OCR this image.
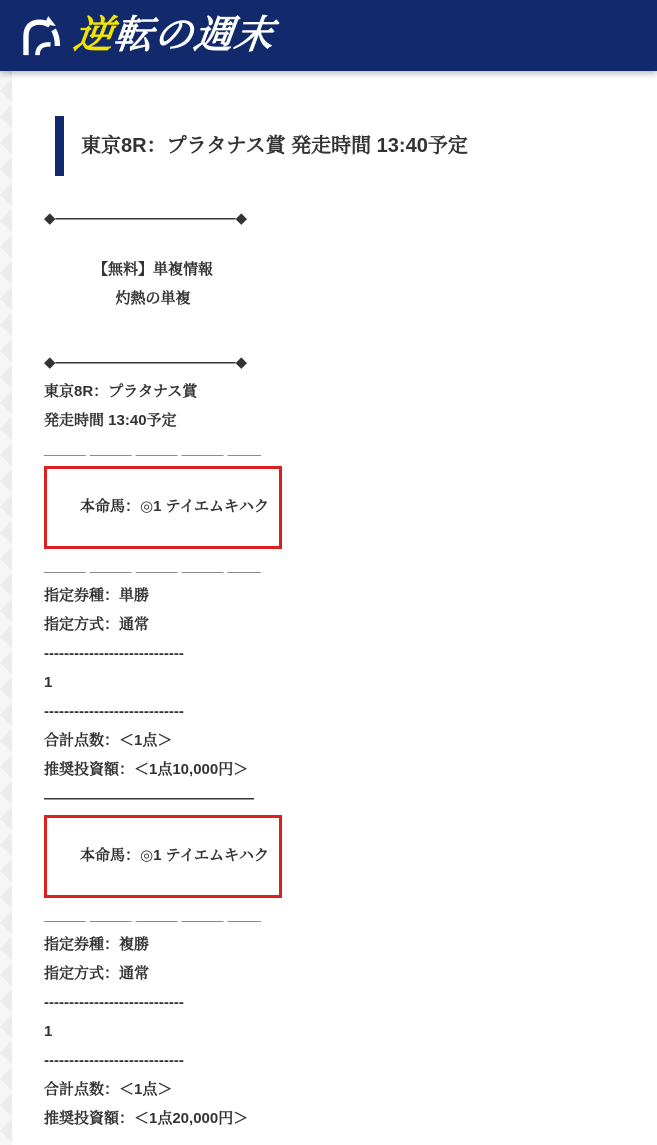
逆転の週末
東京8R：プラタナス賞 発走時間 13:40予定

◆————————————◆

【無料】単複情報

灼熱の単複

◆————————————◆

東京8R：プラタナス賞

発走時間 13:40予定

_____ _____ _____ _____ ____

本命馬：◎1 テイエムキハク

_____ _____ _____ _____ ____

指定券種：単勝

指定方式：通常

----------------------------

1

----------------------------

合計点数：＜1点＞

推奨投資額：＜1点10,000円＞

――――――――――――――

本命馬：◎1 テイエムキハク

_____ _____ _____ _____ ____

指定券種：複勝

指定方式：通常

----------------------------

1

----------------------------

合計点数：＜1点＞

推奨投資額：＜1点20,000円＞
